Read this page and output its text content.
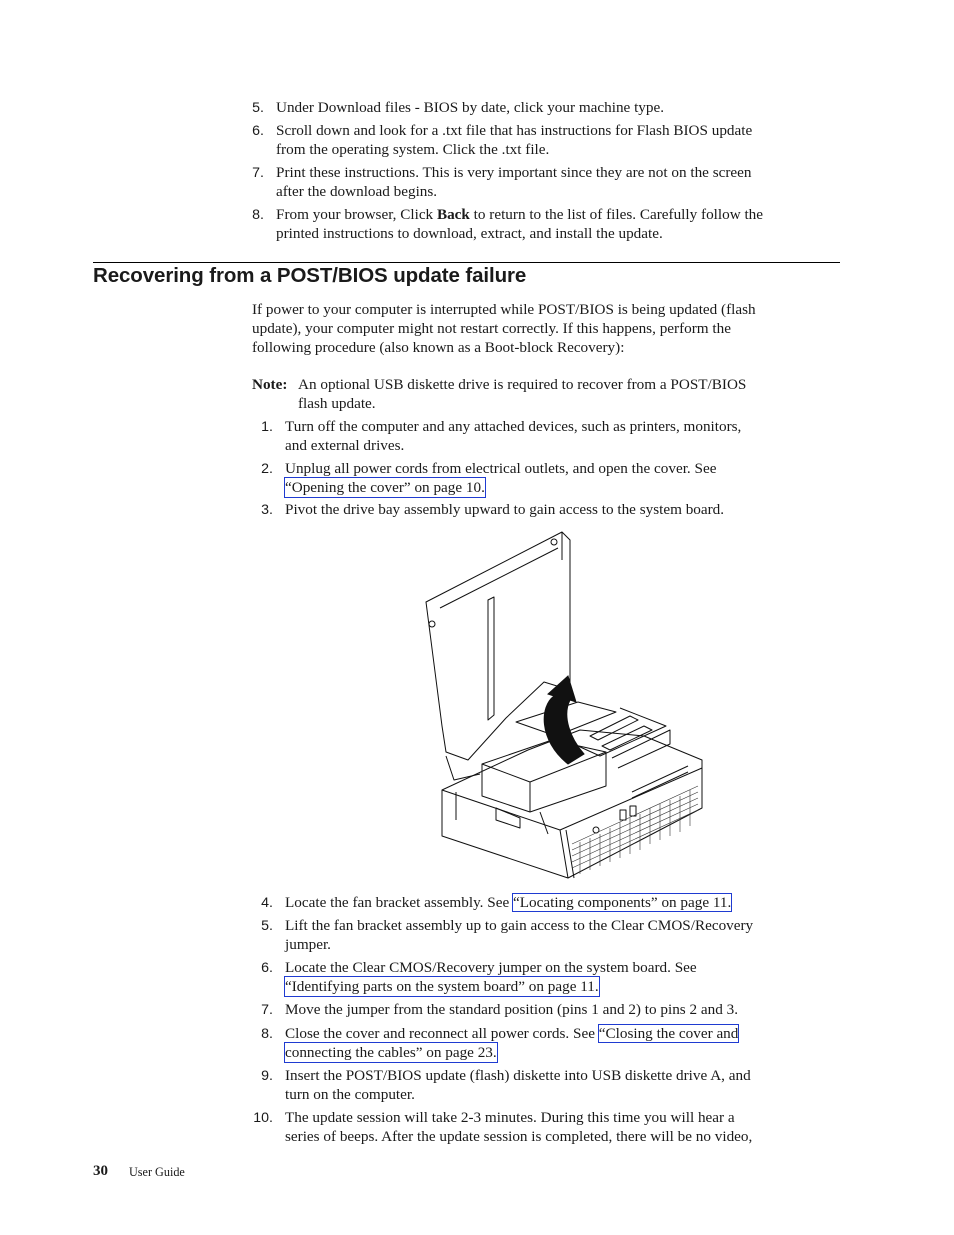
5. Under Download files - BIOS by date, click your machine type.
6. Scroll down and look for a .txt file that has instructions for Flash BIOS update
from the operating system. Click the .txt file.
7. Print these instructions. This is very important since they are not on the screen
after the download begins.
8. From your browser, Click Back to return to the list of files. Carefully follow the
printed instructions to download, extract, and install the update.
Recovering from a POST/BIOS update failure
If power to your computer is interrupted while POST/BIOS is being updated (flash
update), your computer might not restart correctly. If this happens, perform the
following procedure (also known as a Boot-block Recovery):
Note: An optional USB diskette drive is required to recover from a POST/BIOS
flash update.
1. Turn off the computer and any attached devices, such as printers, monitors,
and external drives.
2. Unplug all power cords from electrical outlets, and open the cover. See
“Opening the cover” on page 10.
3. Pivot the drive bay assembly upward to gain access to the system board.
4. Locate the fan bracket assembly. See “Locating components” on page 11.
5. Lift the fan bracket assembly up to gain access to the Clear CMOS/Recovery
jumper.
6. Locate the Clear CMOS/Recovery jumper on the system board. See
“Identifying parts on the system board” on page 11.
7. Move the jumper from the standard position (pins 1 and 2) to pins 2 and 3.
8. Close the cover and reconnect all power cords. See “Closing the cover and
connecting the cables” on page 23.
9. Insert the POST/BIOS update (flash) diskette into USB diskette drive A, and
turn on the computer.
10. The update session will take 2-3 minutes. During this time you will hear a
series of beeps. After the update session is completed, there will be no video,
30 User Guide
